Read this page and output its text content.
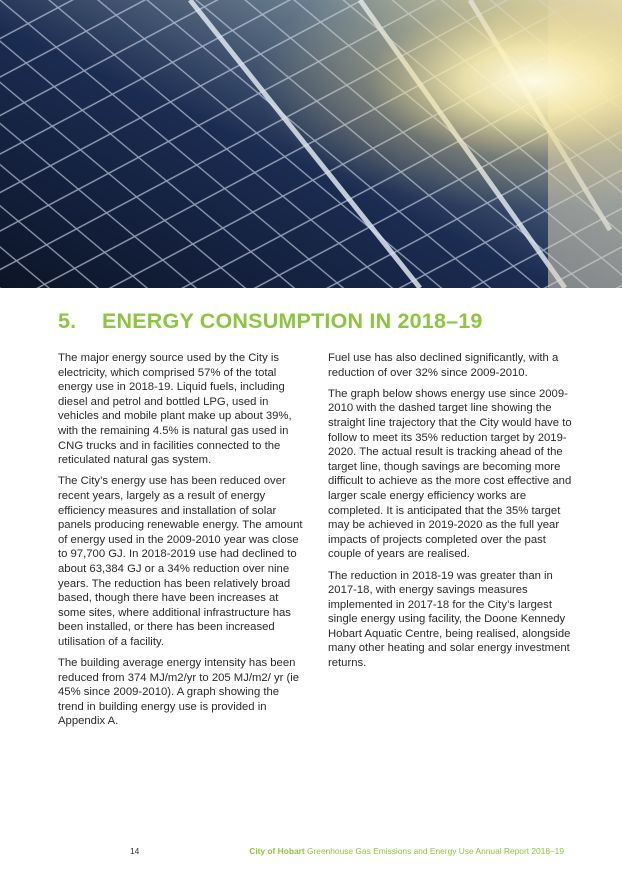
5. ENERGY CONSUMPTION IN 2018–19

The major energy source used by the City is electricity, which comprised 57% of the total energy use in 2018-19. Liquid fuels, including diesel and petrol and bottled LPG, used in vehicles and mobile plant make up about 39%, with the remaining 4.5% is natural gas used in CNG trucks and in facilities connected to the reticulated natural gas system.

The City’s energy use has been reduced over recent years, largely as a result of energy efficiency measures and installation of solar panels producing renewable energy. The amount of energy used in the 2009-2010 year was close to 97,700 GJ. In 2018-2019 use had declined to about 63,384 GJ or a 34% reduction over nine years. The reduction has been relatively broad based, though there have been increases at some sites, where additional infrastructure has been installed, or there has been increased utilisation of a facility.

The building average energy intensity has been reduced from 374 MJ/m2/yr to 205 MJ/m2/ yr (ie 45% since 2009-2010). A graph showing the trend in building energy use is provided in Appendix A.

Fuel use has also declined significantly, with a reduction of over 32% since 2009-2010.

The graph below shows energy use since 2009-2010 with the dashed target line showing the straight line trajectory that the City would have to follow to meet its 35% reduction target by 2019-2020. The actual result is tracking ahead of the target line, though savings are becoming more difficult to achieve as the more cost effective and larger scale energy efficiency works are completed. It is anticipated that the 35% target may be achieved in 2019-2020 as the full year impacts of projects completed over the past couple of years are realised.

The reduction in 2018-19 was greater than in 2017-18, with energy savings measures implemented in 2017-18 for the City’s largest single energy using facility, the Doone Kennedy Hobart Aquatic Centre, being realised, alongside many other heating and solar energy investment returns.

14	City of Hobart Greenhouse Gas Emissions and Energy Use Annual Report 2018–19
